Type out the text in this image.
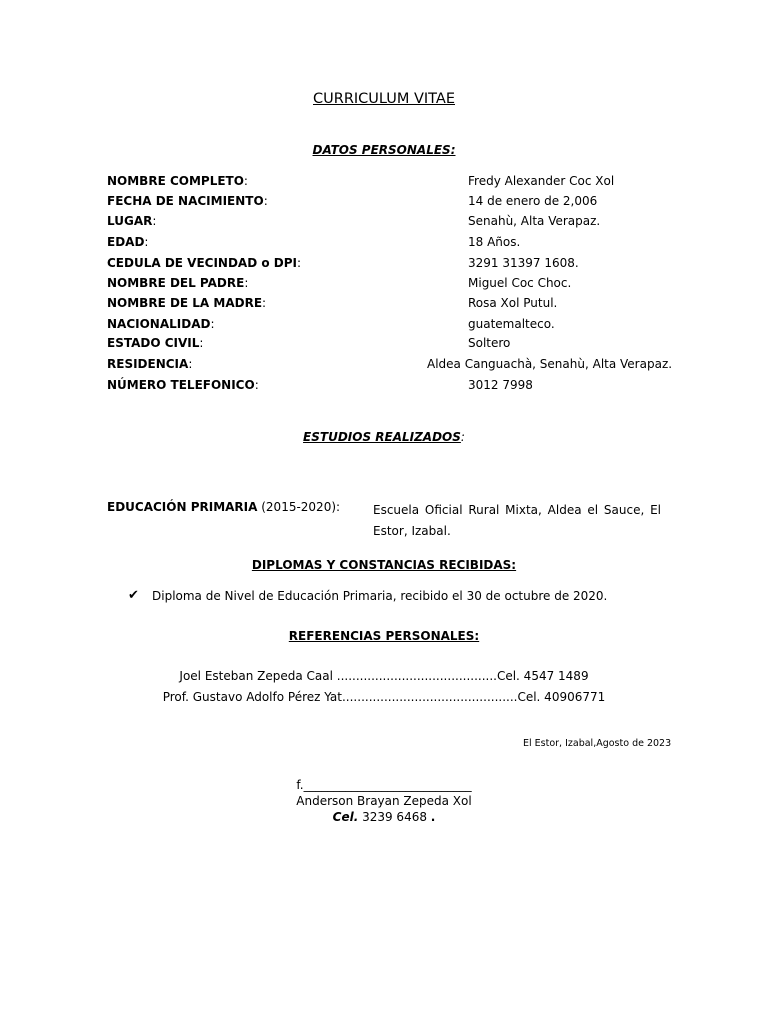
CURRICULUM VITAE
DATOS PERSONALES:
NOMBRE COMPLETO:	Fredy Alexander Coc Xol
FECHA DE NACIMIENTO:	14 de enero de 2,006
LUGAR:	Senahù, Alta Verapaz.
EDAD:	18 Años.
CEDULA DE VECINDAD o DPI:	3291 31397 1608.
NOMBRE DEL PADRE:	Miguel Coc Choc.
NOMBRE DE LA MADRE:	Rosa Xol Putul.
NACIONALIDAD:	guatemalteco.
ESTADO CIVIL:	Soltero
RESIDENCIA:	Aldea Canguachà, Senahù, Alta Verapaz.
NÚMERO TELEFONICO:	3012 7998
ESTUDIOS REALIZADOS:
EDUCACIÓN PRIMARIA (2015-2020):	Escuela Oficial Rural Mixta, Aldea el Sauce, El Estor, Izabal.
DIPLOMAS Y CONSTANCIAS RECIBIDAS:
✔ Diploma de Nivel de Educación Primaria, recibido el 30 de octubre de 2020.
REFERENCIAS PERSONALES:
Joel Esteban Zepeda Caal ..........................................Cel. 4547 1489
Prof. Gustavo Adolfo Pérez Yat..............................................Cel. 40906771
El Estor, Izabal,Agosto de 2023
f.____________________________
Anderson Brayan Zepeda Xol
Cel. 3239 6468 .
